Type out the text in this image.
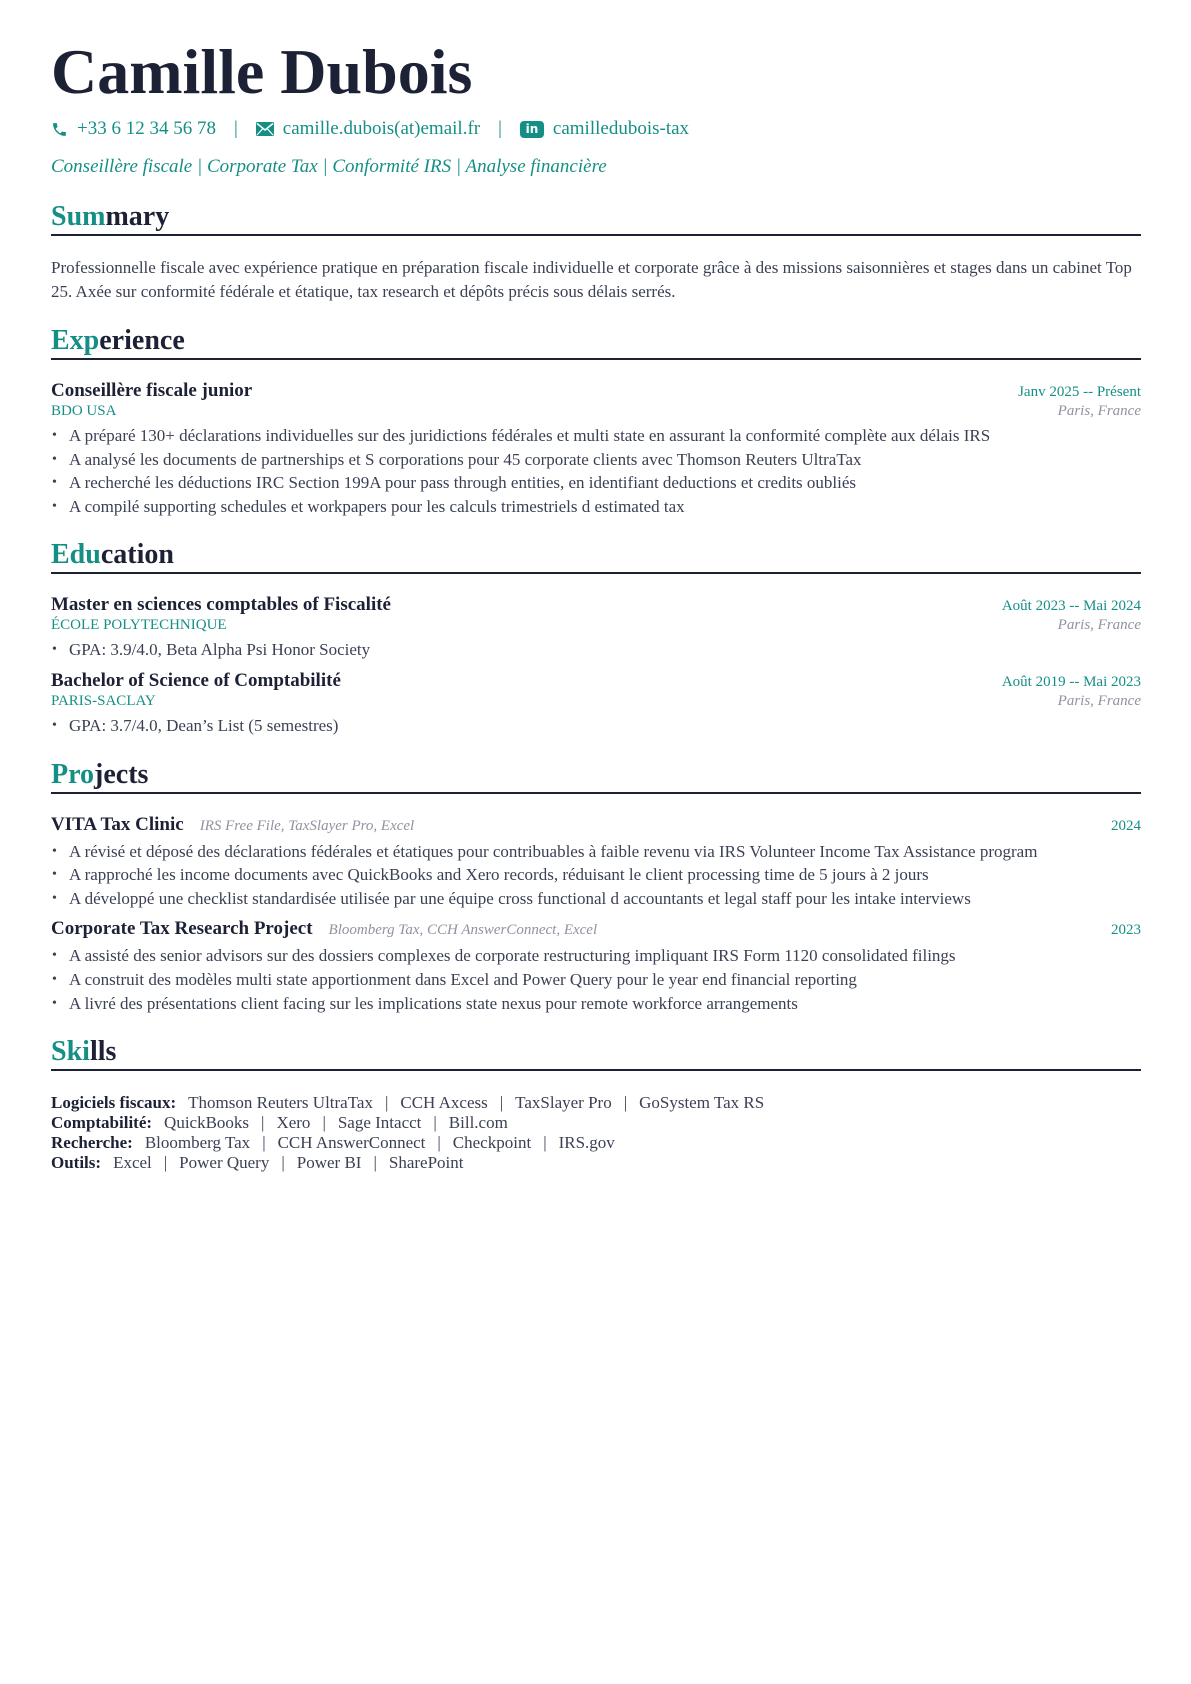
Camille Dubois
+33 6 12 34 56 78 | camille.dubois(at)email.fr |	in camilledubois-tax
Conseillère fiscale | Corporate Tax | Conformité IRS | Analyse financière
Summary
Professionnelle fiscale avec expérience pratique en préparation fiscale individuelle et corporate grâce à des missions saisonnières et stages dans un cabinet Top 25. Axée sur conformité fédérale et étatique, tax research et dépôts précis sous délais serrés.
Experience
Conseillère fiscale junior	Janv 2025 -- Présent
BDO USA	Paris, France
• A préparé 130+ déclarations individuelles sur des juridictions fédérales et multi state en assurant la conformité complète aux délais IRS
• A analysé les documents de partnerships et S corporations pour 45 corporate clients avec Thomson Reuters UltraTax
• A recherché les déductions IRC Section 199A pour pass through entities, en identifiant deductions et credits oubliés
• A compilé supporting schedules et workpapers pour les calculs trimestriels d estimated tax
Education
Master en sciences comptables of Fiscalité	Août 2023 -- Mai 2024
ÉCOLE POLYTECHNIQUE	Paris, France
• GPA: 3.9/4.0, Beta Alpha Psi Honor Society
Bachelor of Science of Comptabilité	Août 2019 -- Mai 2023
PARIS-SACLAY	Paris, France
• GPA: 3.7/4.0, Dean’s List (5 semestres)
Projects
VITA Tax Clinic IRS Free File, TaxSlayer Pro, Excel	2024
• A révisé et déposé des déclarations fédérales et étatiques pour contribuables à faible revenu via IRS Volunteer Income Tax Assistance program
• A rapproché les income documents avec QuickBooks and Xero records, réduisant le client processing time de 5 jours à 2 jours
• A développé une checklist standardisée utilisée par une équipe cross functional d accountants et legal staff pour les intake interviews
Corporate Tax Research Project Bloomberg Tax, CCH AnswerConnect, Excel	2023
• A assisté des senior advisors sur des dossiers complexes de corporate restructuring impliquant IRS Form 1120 consolidated filings
• A construit des modèles multi state apportionment dans Excel and Power Query pour le year end financial reporting
• A livré des présentations client facing sur les implications state nexus pour remote workforce arrangements
Skills
Logiciels fiscaux: Thomson Reuters UltraTax | CCH Axcess | TaxSlayer Pro | GoSystem Tax RS
Comptabilité: QuickBooks | Xero | Sage Intacct | Bill.com
Recherche: Bloomberg Tax | CCH AnswerConnect | Checkpoint | IRS.gov
Outils: Excel | Power Query | Power BI | SharePoint
